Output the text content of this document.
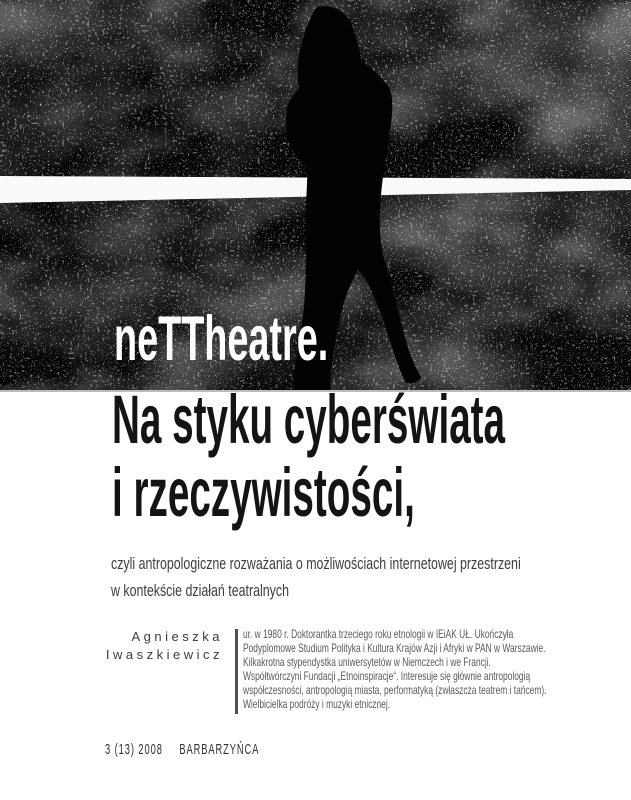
neTTheatre.
Na styku cyberświata
i rzeczywistości,
czyli antropologiczne rozważania o możliwościach internetowej przestrzeni
w kontekście działań teatralnych
Agnieszka
Iwaszkiewicz
ur. w 1980 r. Doktorantka trzeciego roku etnologii w IEiAK UŁ. Ukończyła
Podyplomowe Studium Polityka i Kultura Krajów Azji i Afryki w PAN w Warszawie.
Kilkakrotna stypendystka uniwersytetów w Niemczech i we Francji.
Współtwórczyni Fundacji „Etnoinspiracje“. Interesuje się głównie antropologią
współczesności, antropologią miasta, performatyką (zwłaszcza teatrem i tańcem).
Wielbicielka podróży i muzyki etnicznej.
3 (13) 2008 BARBARZYŃCA
